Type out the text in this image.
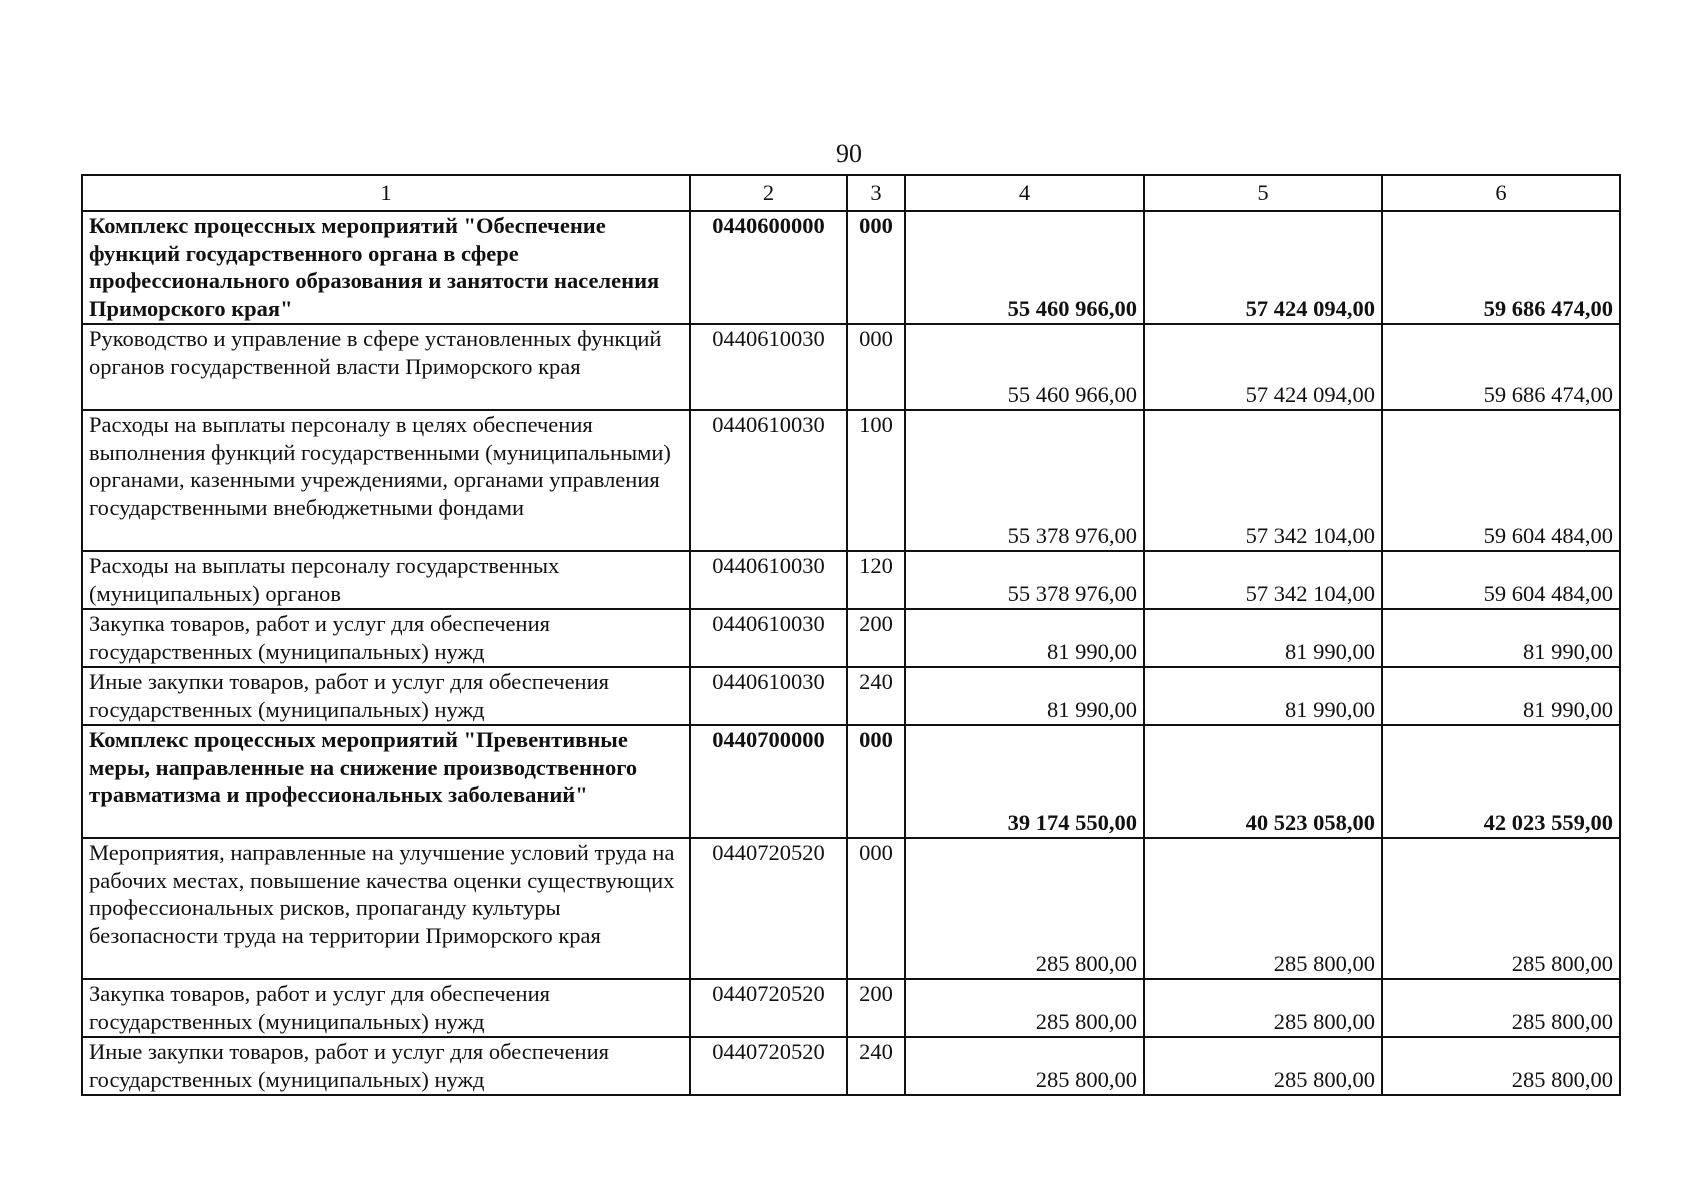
90
1	2	3	4	5	6
Комплекс процессных мероприятий "Обеспечение функций государственного органа в сфере профессионального образования и занятости населения Приморского края"	0440600000	000	55 460 966,00	57 424 094,00	59 686 474,00
Руководство и управление в сфере установленных функций органов государственной власти Приморского края	0440610030	000	55 460 966,00	57 424 094,00	59 686 474,00
Расходы на выплаты персоналу в целях обеспечения выполнения функций государственными (муниципальными) органами, казенными учреждениями, органами управления государственными внебюджетными фондами	0440610030	100	55 378 976,00	57 342 104,00	59 604 484,00
Расходы на выплаты персоналу государственных (муниципальных) органов	0440610030	120	55 378 976,00	57 342 104,00	59 604 484,00
Закупка товаров, работ и услуг для обеспечения государственных (муниципальных) нужд	0440610030	200	81 990,00	81 990,00	81 990,00
Иные закупки товаров, работ и услуг для обеспечения государственных (муниципальных) нужд	0440610030	240	81 990,00	81 990,00	81 990,00
Комплекс процессных мероприятий "Превентивные меры, направленные на снижение производственного травматизма и профессиональных заболеваний"	0440700000	000	39 174 550,00	40 523 058,00	42 023 559,00
Мероприятия, направленные на улучшение условий труда на рабочих местах, повышение качества оценки существующих профессиональных рисков, пропаганду культуры безопасности труда на территории Приморского края	0440720520	000	285 800,00	285 800,00	285 800,00
Закупка товаров, работ и услуг для обеспечения государственных (муниципальных) нужд	0440720520	200	285 800,00	285 800,00	285 800,00
Иные закупки товаров, работ и услуг для обеспечения государственных (муниципальных) нужд	0440720520	240	285 800,00	285 800,00	285 800,00
